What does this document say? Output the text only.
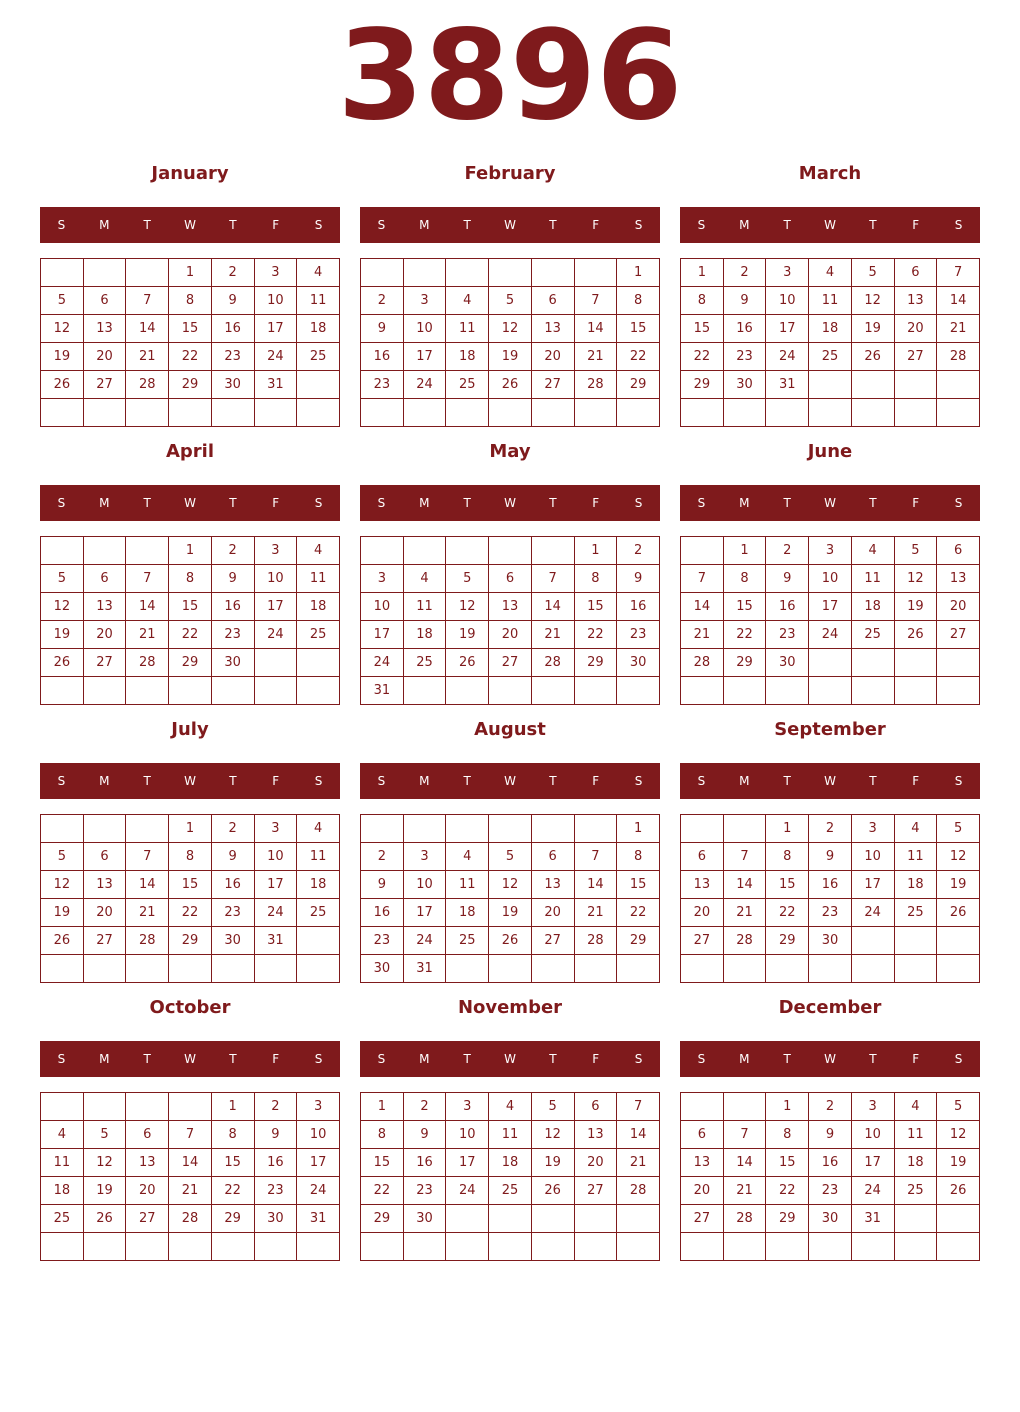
3896
January
S	M	T	W	T	F	S
			1	2	3	4
5	6	7	8	9	10	11
12	13	14	15	16	17	18
19	20	21	22	23	24	25
26	27	28	29	30	31	

February
S	M	T	W	T	F	S
						1
2	3	4	5	6	7	8
9	10	11	12	13	14	15
16	17	18	19	20	21	22
23	24	25	26	27	28	29

March
S	M	T	W	T	F	S
1	2	3	4	5	6	7
8	9	10	11	12	13	14
15	16	17	18	19	20	21
22	23	24	25	26	27	28
29	30	31				

April
S	M	T	W	T	F	S
			1	2	3	4
5	6	7	8	9	10	11
12	13	14	15	16	17	18
19	20	21	22	23	24	25
26	27	28	29	30		

May
S	M	T	W	T	F	S
					1	2
3	4	5	6	7	8	9
10	11	12	13	14	15	16
17	18	19	20	21	22	23
24	25	26	27	28	29	30
31						
June
S	M	T	W	T	F	S
	1	2	3	4	5	6
7	8	9	10	11	12	13
14	15	16	17	18	19	20
21	22	23	24	25	26	27
28	29	30				

July
S	M	T	W	T	F	S
			1	2	3	4
5	6	7	8	9	10	11
12	13	14	15	16	17	18
19	20	21	22	23	24	25
26	27	28	29	30	31	

August
S	M	T	W	T	F	S
						1
2	3	4	5	6	7	8
9	10	11	12	13	14	15
16	17	18	19	20	21	22
23	24	25	26	27	28	29
30	31					
September
S	M	T	W	T	F	S
		1	2	3	4	5
6	7	8	9	10	11	12
13	14	15	16	17	18	19
20	21	22	23	24	25	26
27	28	29	30			

October
S	M	T	W	T	F	S
				1	2	3
4	5	6	7	8	9	10
11	12	13	14	15	16	17
18	19	20	21	22	23	24
25	26	27	28	29	30	31

November
S	M	T	W	T	F	S
1	2	3	4	5	6	7
8	9	10	11	12	13	14
15	16	17	18	19	20	21
22	23	24	25	26	27	28
29	30					

December
S	M	T	W	T	F	S
		1	2	3	4	5
6	7	8	9	10	11	12
13	14	15	16	17	18	19
20	21	22	23	24	25	26
27	28	29	30	31		
